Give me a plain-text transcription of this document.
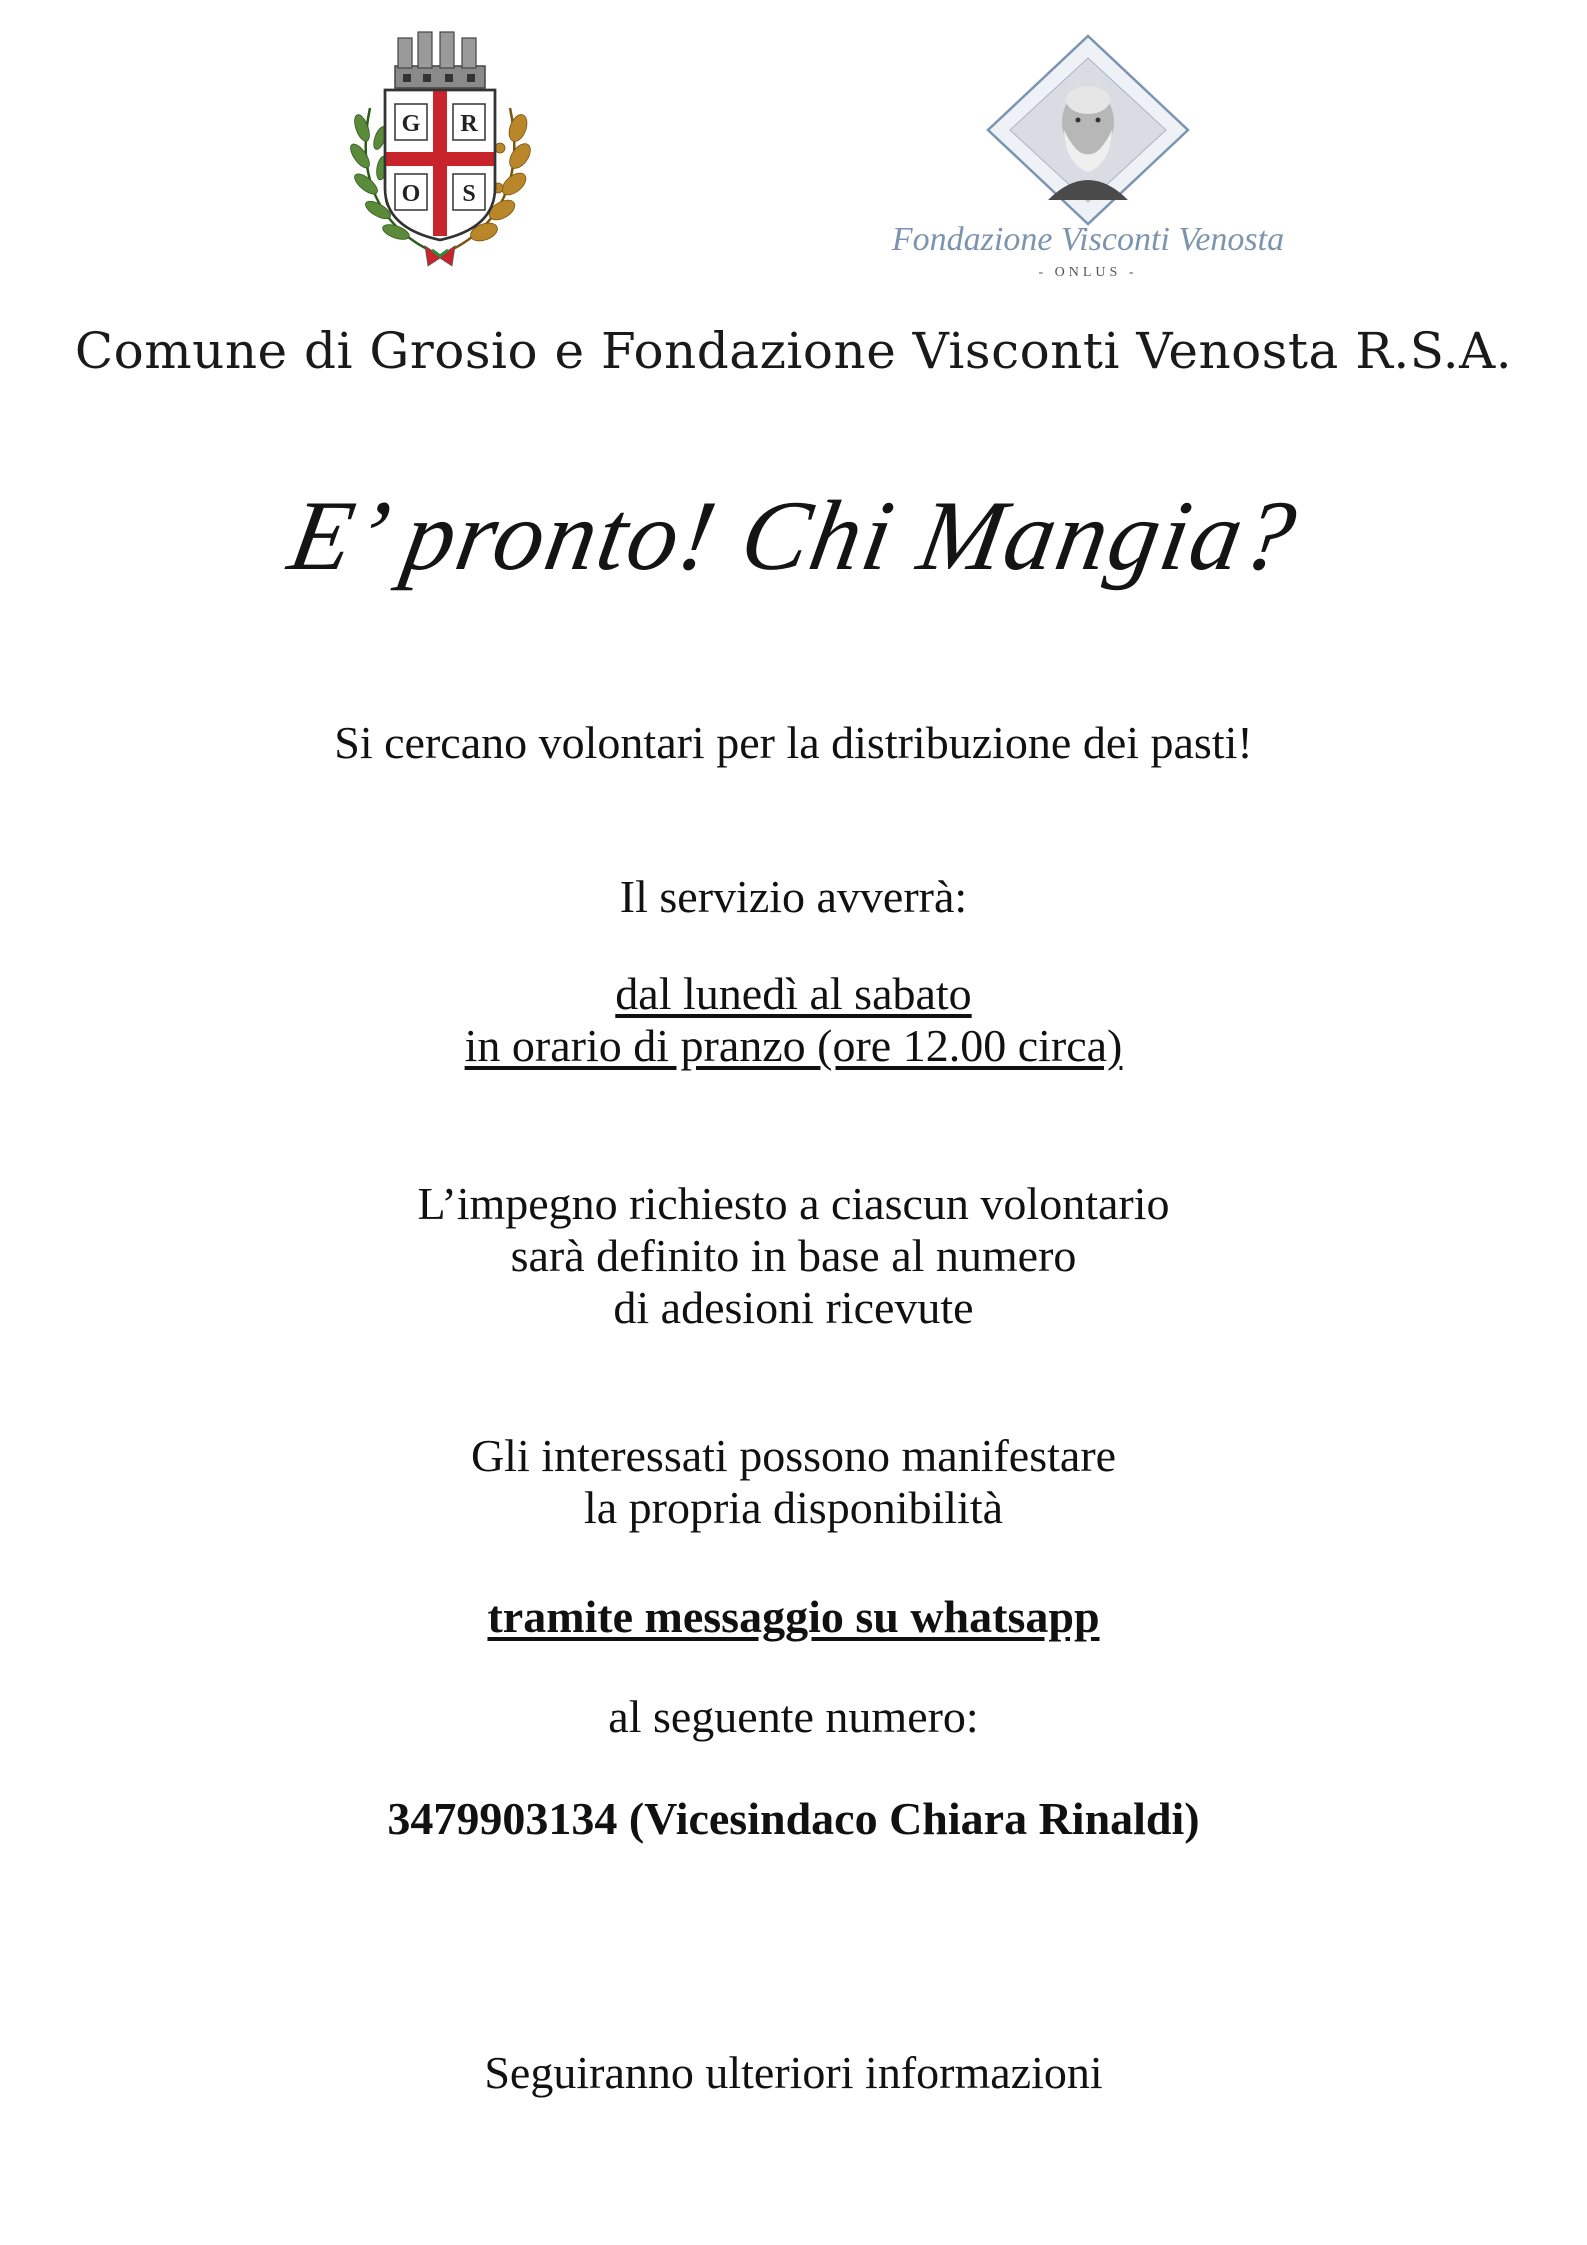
G R
O S
Fondazione Visconti Venosta
- ONLUS -
Comune di Grosio e Fondazione Visconti Venosta R.S.A.
E’ pronto! Chi Mangia?
Si cercano volontari per la distribuzione dei pasti!
Il servizio avverrà:
dal lunedì al sabato
in orario di pranzo (ore 12.00 circa)
L’impegno richiesto a ciascun volontario
sarà definito in base al numero
di adesioni ricevute
Gli interessati possono manifestare
la propria disponibilità
tramite messaggio su whatsapp
al seguente numero:
3479903134 (Vicesindaco Chiara Rinaldi)
Seguiranno ulteriori informazioni
